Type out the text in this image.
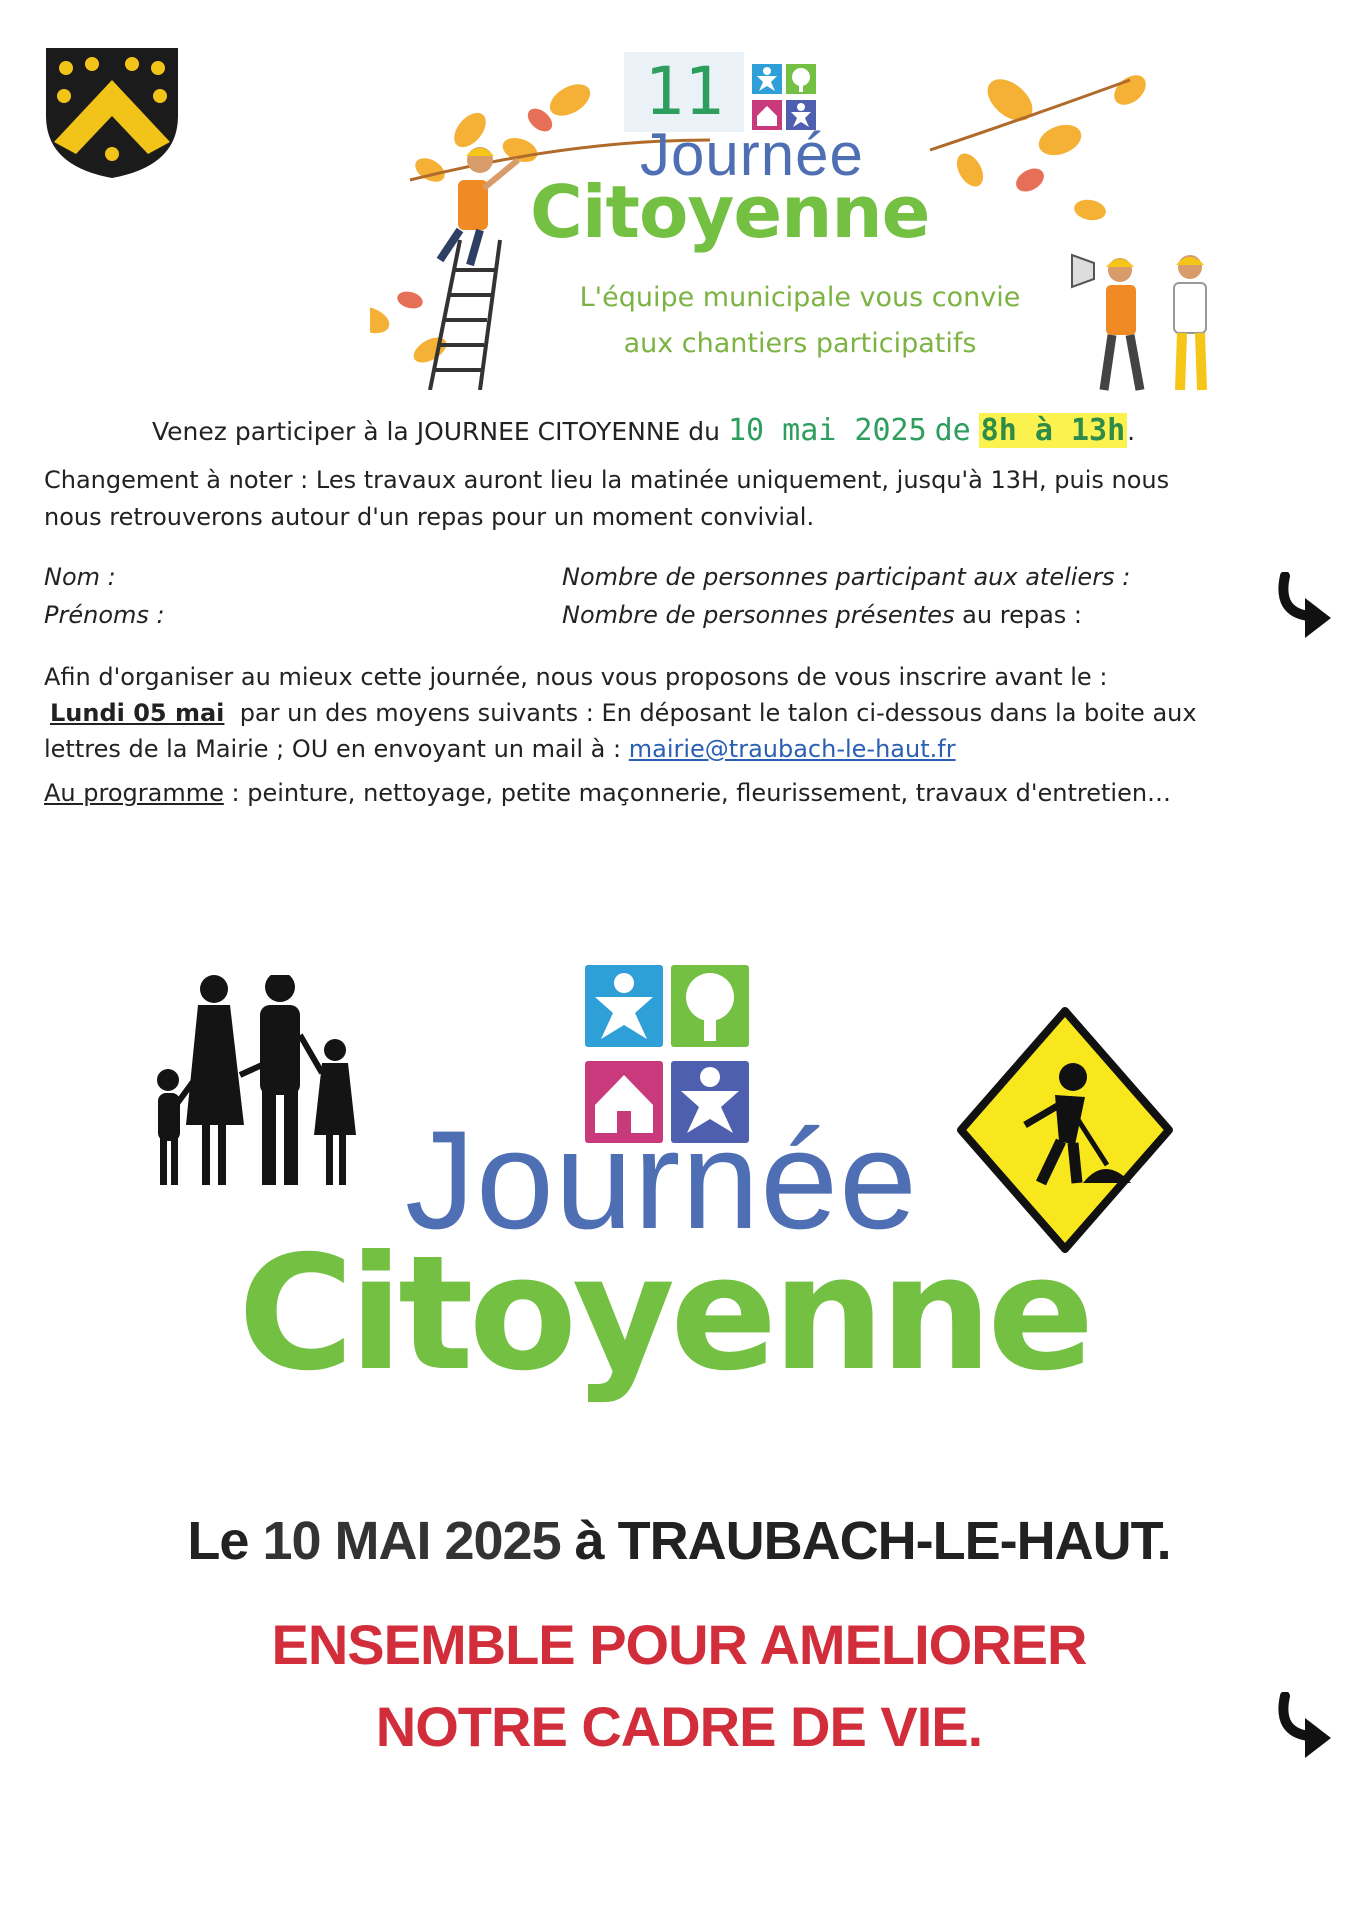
11
Journée
Citoyenne
L'équipe municipale vous convie
aux chantiers participatifs
Venez participer à la JOURNEE CITOYENNE du 10 mai 2025 de 8h à 13h.
Changement à noter : Les travaux auront lieu la matinée uniquement, jusqu'à 13H, puis nous
nous retrouverons autour d'un repas pour un moment convivial.
Nom :
Prénoms :
Nombre de personnes participant aux ateliers :
Nombre de personnes présentes au repas :
Afin d'organiser au mieux cette journée, nous vous proposons de vous inscrire avant le :
Lundi 05 mai par un des moyens suivants : En déposant le talon ci-dessous dans la boite aux
lettres de la Mairie ; OU en envoyant un mail à : mairie@traubach-le-haut.fr
Au programme : peinture, nettoyage, petite maçonnerie, fleurissement, travaux d'entretien…
Journée
Citoyenne
Le 10 MAI 2025 à TRAUBACH-LE-HAUT.
ENSEMBLE POUR AMELIORER
NOTRE CADRE DE VIE.
